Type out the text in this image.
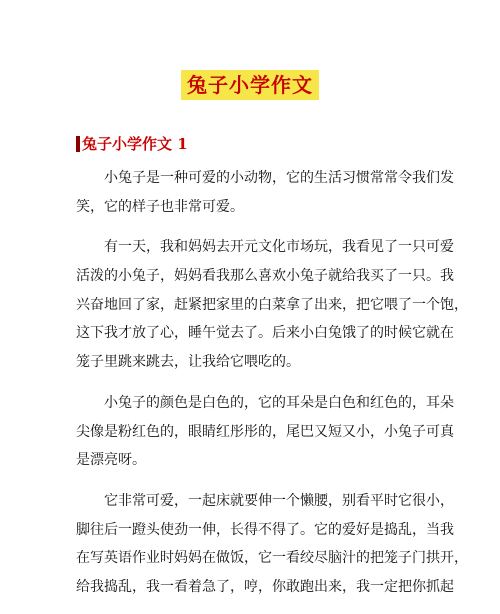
兔子小学作文
兔子小学作文 1
　　小兔子是一种可爱的小动物，它的生活习惯常常令我们发
笑，它的样子也非常可爱。
　　有一天，我和妈妈去开元文化市场玩，我看见了一只可爱
活泼的小兔子，妈妈看我那么喜欢小兔子就给我买了一只。我
兴奋地回了家，赶紧把家里的白菜拿了出来，把它喂了一个饱，
这下我才放了心，睡午觉去了。后来小白兔饿了的时候它就在
笼子里跳来跳去，让我给它喂吃的。
　　小兔子的颜色是白色的，它的耳朵是白色和红色的，耳朵
尖像是粉红色的，眼睛红彤彤的，尾巴又短又小，小兔子可真
是漂亮呀。
　　它非常可爱，一起床就要伸一个懒腰，别看平时它很小，
脚往后一蹬头使劲一伸，长得不得了。它的爱好是捣乱，当我
在写英语作业时妈妈在做饭，它一看绞尽脑汁的把笼子门拱开，
给我捣乱，我一看着急了，哼，你敢跑出来，我一定把你抓起
